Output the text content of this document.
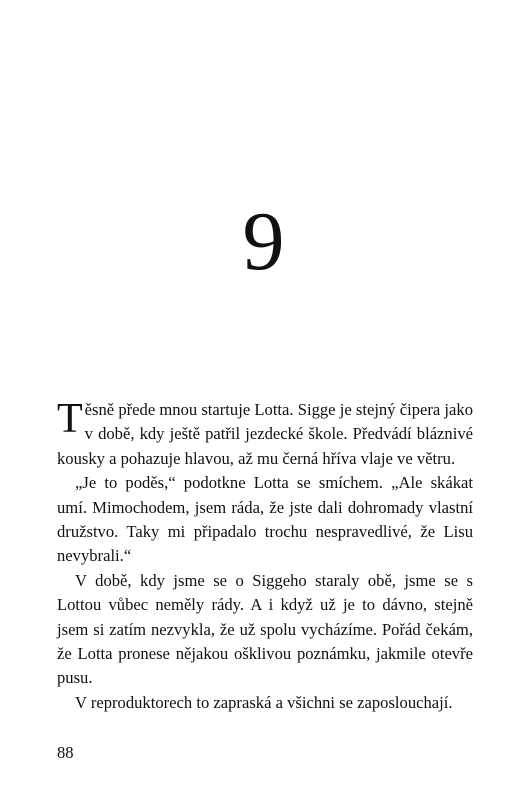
9

Těsně přede mnou startuje Lotta. Sigge je stejný čipera jako v době, kdy ještě patřil jezdecké škole. Předvádí bláznivé kousky a pohazuje hlavou, až mu černá hříva vlaje ve větru.

„Je to poděs,“ podotkne Lotta se smíchem. „Ale skákat umí. Mimochodem, jsem ráda, že jste dali dohromady vlastní družstvo. Taky mi připadalo trochu nespravedlivé, že Lisu nevybrali.“

V době, kdy jsme se o Siggeho staraly obě, jsme se s Lottou vůbec neměly rády. A i když už je to dávno, stejně jsem si zatím nezvykla, že už spolu vycházíme. Pořád čekám, že Lotta pronese nějakou ošklivou poznámku, jakmile otevře pusu.

V reproduktorech to zapraská a všichni se zaposlouchají.

88
